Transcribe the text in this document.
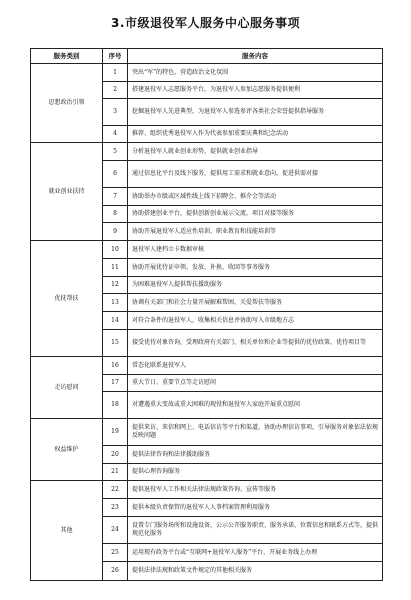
3.市级退役军人服务中心服务事项
服务类别	序号	服务内容
思想政治引领	1	突出“军”的特色，营造政治文化氛围
	2	搭建退役军人志愿服务平台，为退役军人参加志愿服务提供便利
	3	挖掘退役军人先进典型，为退役军人参选参评各类社会荣誉提供指导服务
	4	推荐、组织优秀退役军人作为代表参加重要庆典和纪念活动
就业创业扶持	5	分析退役军人就业创业形势，提供就业创业指导
	6	通过信息化平台及线下服务，提供用工需求和就业意向，促进供需对接
	7	协助举办市级或区域性线上线下招聘会、推介会等活动
	8	协助搭建创业平台，提供创新创业展示交流，项目对接等服务
	9	协助开展退役军人适应性培训、职业教育和技能培训等
优抚帮扶	10	退役军人建档立卡数据审核
	11	协助开展优待证申领、发放、补换、收回等事务服务
	12	为困难退役军人提供帮扶援助服务
	13	协调有关部门和社会力量开展解难帮困、关爱帮扶等服务
	14	对符合条件的退役军人，收集相关信息并协助写入市级地方志
	15	接受优待对象咨询，受理政府有关部门、相关单位和企业等提供的优待政策、优待项目等
走访慰问	16	常态化联系退役军人
	17	重大节日、重要节点等走访慰问
	18	对遭遇重大变故或重大困难的现役和退役军人家庭开展重点慰问
权益维护	19	提供来访、来信和网上、电话信访等平台和渠道，协助办理信访事项，引导服务对象依法依规反映问题
	20	提供法律咨询和法律援助服务
	21	提供心理咨询服务
其他	22	提供退役军人工作相关法律法规政策咨询、宣传等服务
	23	提供本级负责保管的退役军人人事档案管理利用服务
	24	设置专门服务场所和设施设备，公示公开服务职责、服务承诺、位置信息和联系方式等，提供规范化服务
	25	运用现有政务平台或“互联网+退役军人服务”平台，开展业务线上办理
	26	提供法律法规和政策文件规定的其他相关服务
